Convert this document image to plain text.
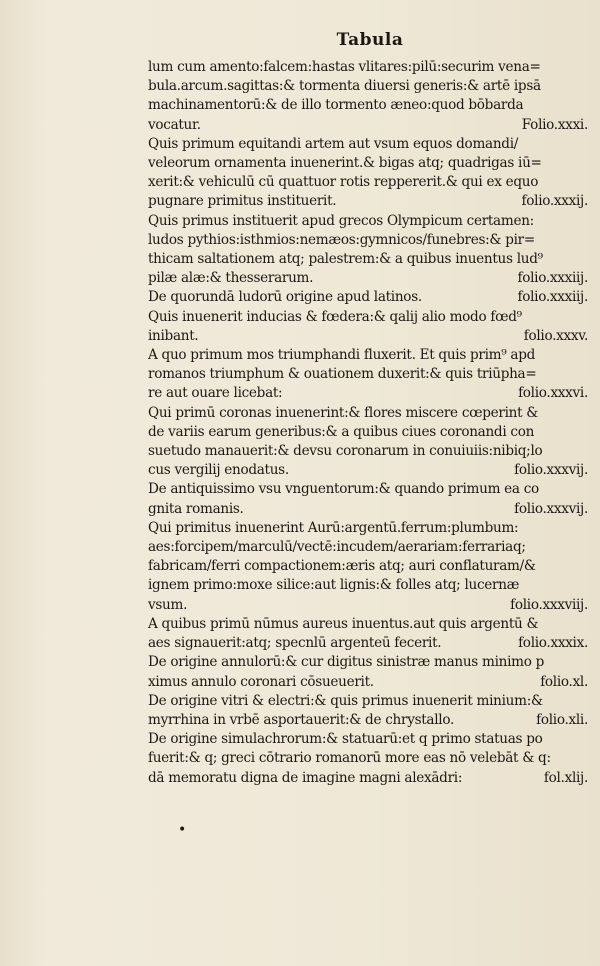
Tabula
lum cum amento:falcem:hastas vlitares:pilū:securim vena=
bula.arcum.sagittas:& tormenta diuersi generis:& artē ipsā
machinamentorū:& de illo tormento æneo:quod bōbarda
Folio.xxxi.
vocatur.
Quis primum equitandi artem aut vsum equos domandi/
veleorum ornamenta inuenerint.& bigas atq; quadrigas iū=
xerit:& vehiculū cū quattuor rotis reppererit.& qui ex equo
folio.xxxij.
pugnare primitus instituerit.
Quis primus instituerit apud grecos Olympicum certamen:
ludos pythios:isthmios:nemæos:gymnicos/funebres:& pir=
thicam saltationem atq; palestrem:& a quibus inuentus lud⁹
folio.xxxiij.
pilæ alæ:& thesserarum.
folio.xxxiij.
De quorundā ludorū origine apud latinos.
Quis inuenerit inducias & fœdera:& qalij alio modo fœd⁹
folio.xxxv.
inibant.
A quo primum mos triumphandi fluxerit. Et quis prim⁹ apd
romanos triumphum & ouationem duxerit:& quis triūpha=
folio.xxxvi.
re aut ouare licebat:
Qui primū coronas inuenerint:& flores miscere cœperint &
de variis earum generibus:& a quibus ciues coronandi con
suetudo manauerit:& devsu coronarum in conuiuiis:nibiq;lo
folio.xxxvij.
cus vergilij enodatus.
De antiquissimo vsu vnguentorum:& quando primum ea co
folio.xxxvij.
gnita romanis.
Qui primitus inuenerint Aurū:argentū.ferrum:plumbum:
aes:forcipem/marculū/vectē:incudem/aerariam:ferrariaq;
fabricam/ferri compactionem:æris atq; auri conflaturam/&
ignem primo:moxe silice:aut lignis:& folles atq; lucernæ
folio.xxxviij.
vsum.
A quibus primū nūmus aureus inuentus.aut quis argentū &
folio.xxxix.
aes signauerit:atq; specnlū argenteū fecerit.
De origine annulorū:& cur digitus sinistræ manus minimo p
folio.xl.
ximus annulo coronari cōsueuerit.
De origine vitri & electri:& quis primus inuenerit minium:&
folio.xli.
myrrhina in vrbē asportauerit:& de chrystallo.
De origine simulachrorum:& statuarū:et q primo statuas po
fuerit:& q; greci cōtrario romanorū more eas nō velebāt & q:
fol.xlij.
dā memoratu digna de imagine magni alexādri:
•
